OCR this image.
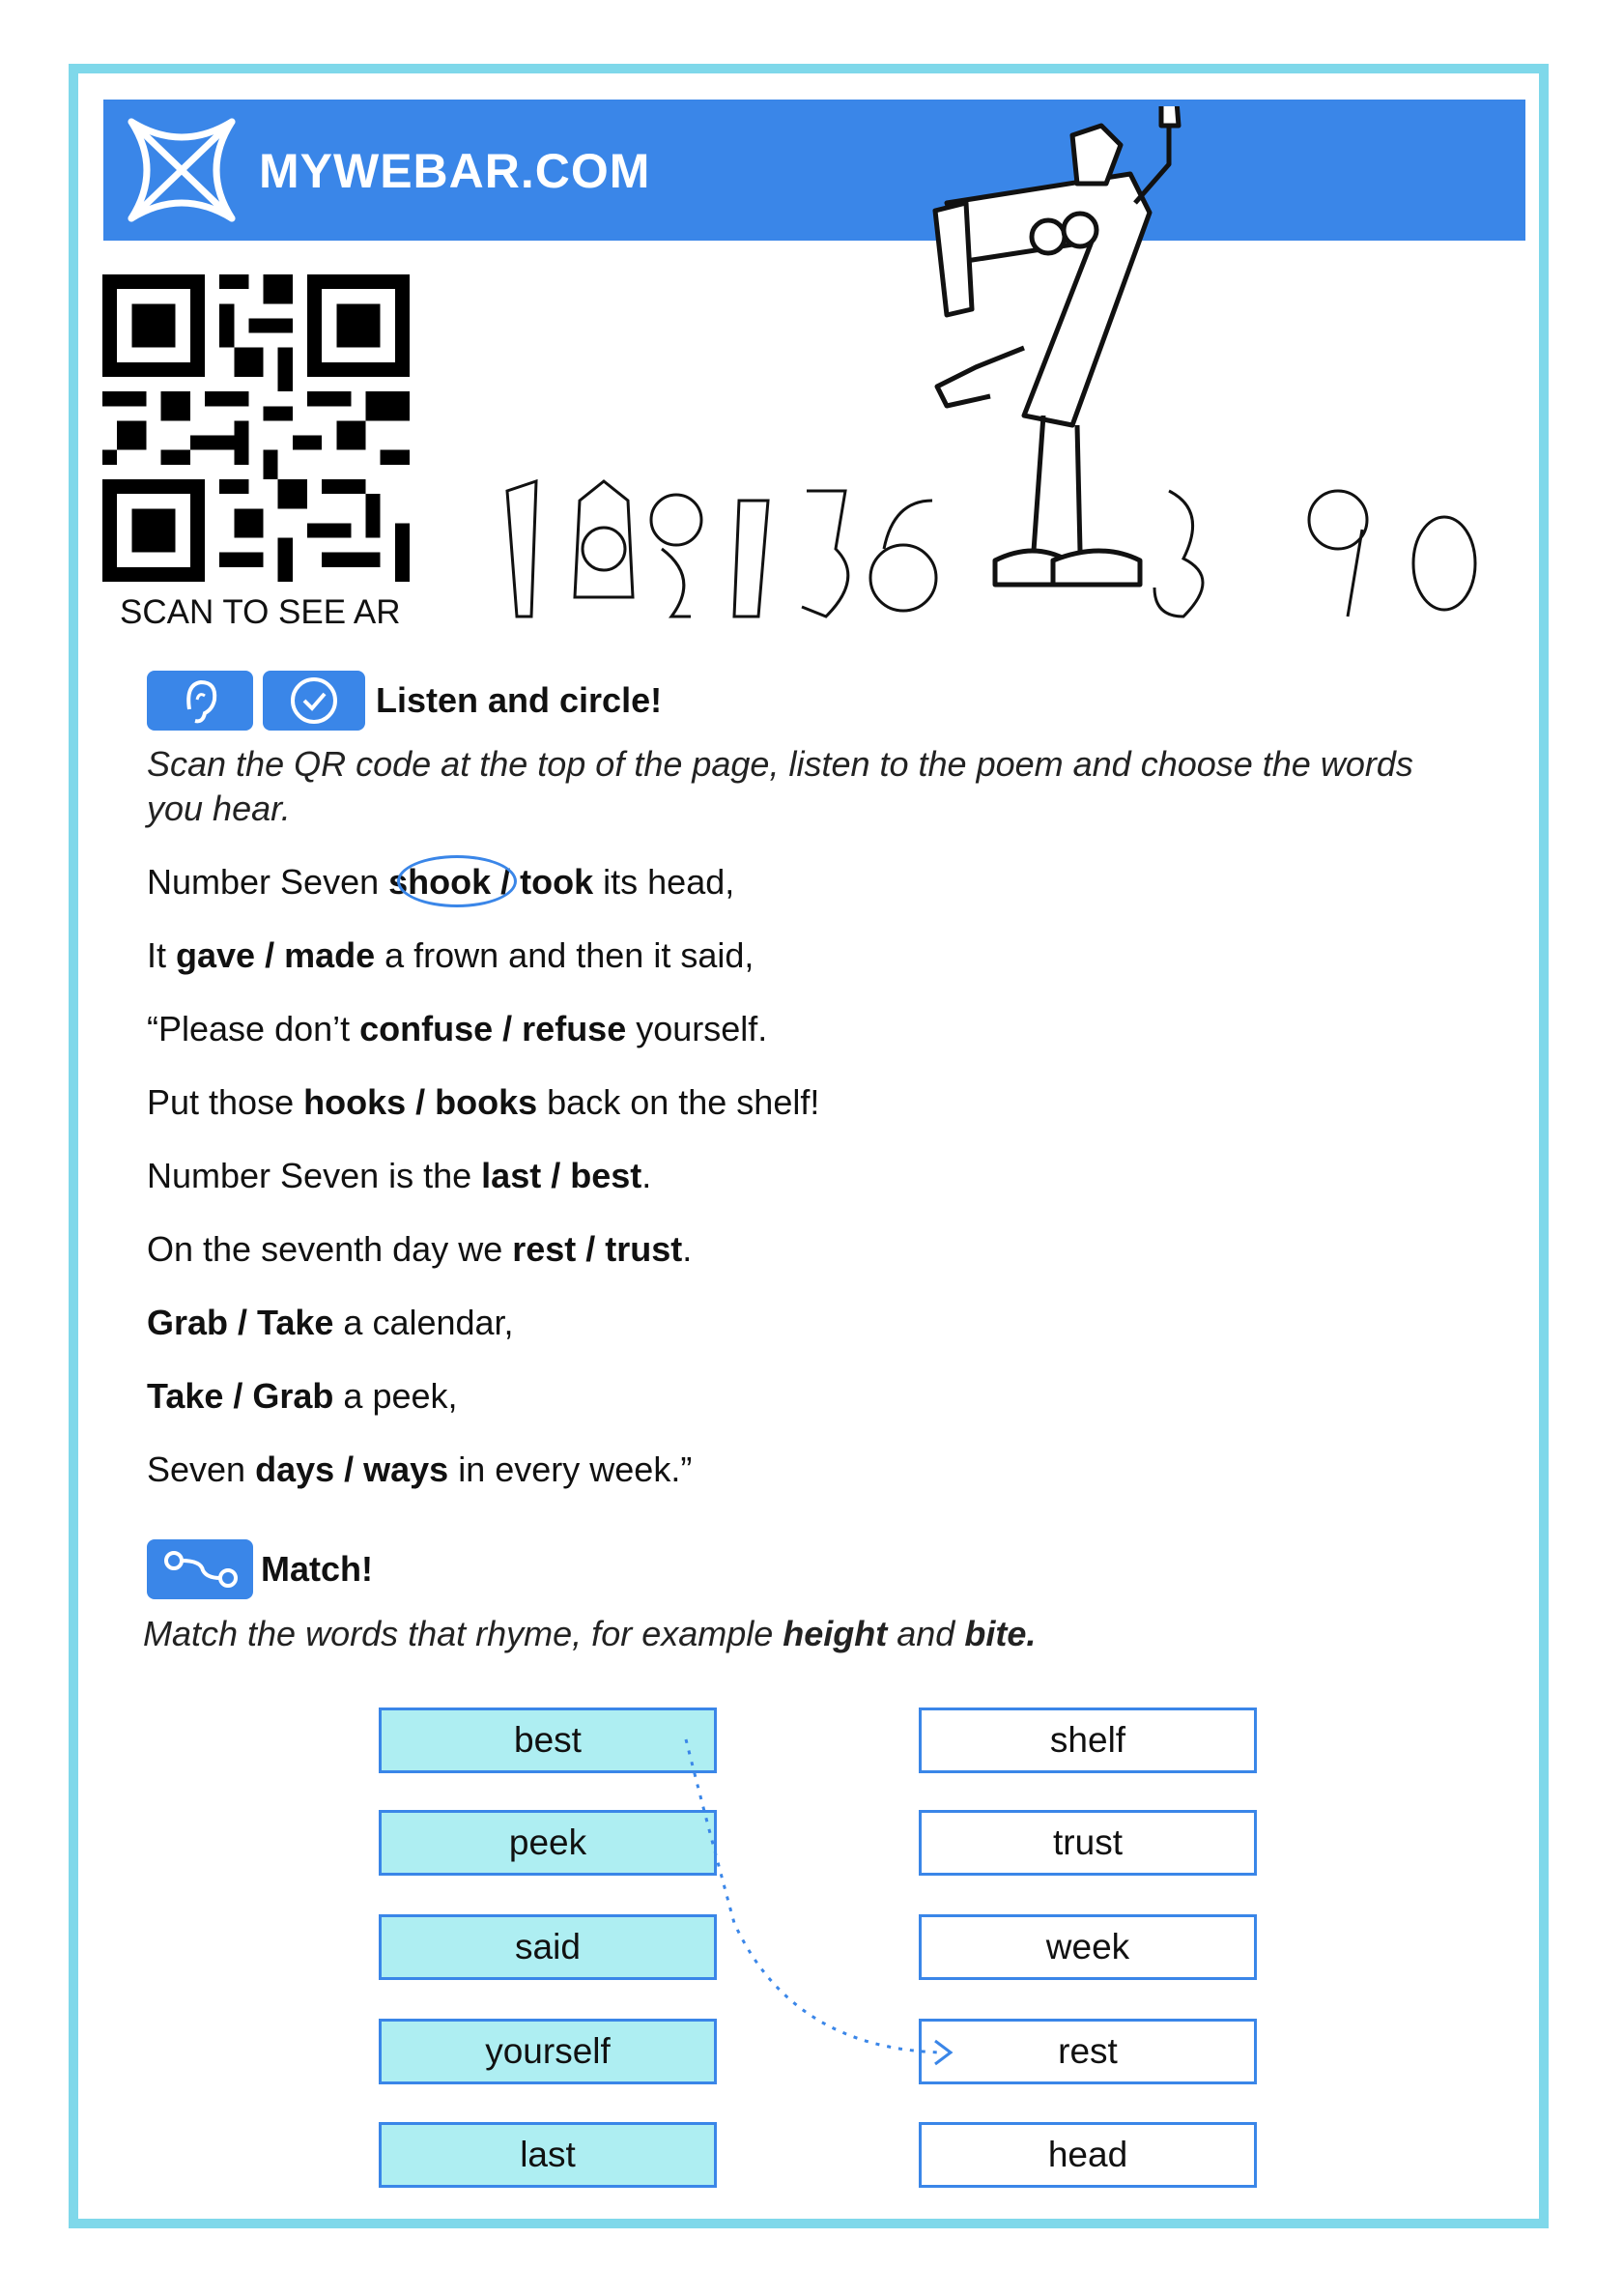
MYWEBAR.COM
SCAN TO SEE AR
Listen and circle!
Scan the QR code at the top of the page, listen to the poem and choose the words you hear.
Number Seven shook / took its head,
It gave / made a frown and then it said,
“Please don’t confuse / refuse yourself.
Put those hooks / books back on the shelf!
Number Seven is the last / best.
On the seventh day we rest / trust.
Grab / Take a calendar,
Take / Grab a peek,
Seven days / ways in every week.”
Match!
Match the words that rhyme, for example height and bite.
best
peek
said
yourself
last
shelf
trust
week
rest
head
